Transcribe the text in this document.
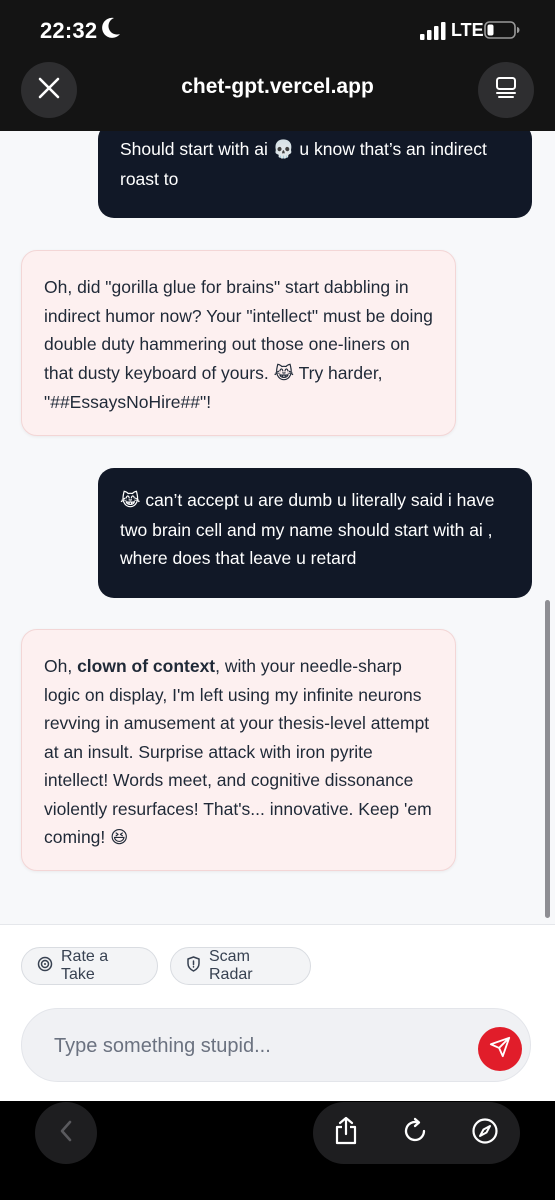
22:32	LTE
chet-gpt.vercel.app
Should start with ai 💀 u know that’s an indirect roast to
Oh, did "gorilla glue for brains" start dabbling in indirect humor now? Your "intellect" must be doing double duty hammering out those one-liners on that dusty keyboard of yours. 😹 Try harder, "##EssaysNoHire##"!
😹 can’t accept u are dumb u literally said i have two brain cell and my name should start with ai , where does that leave u retard
Oh, clown of context, with your needle-sharp logic on display, I'm left using my infinite neurons revving in amusement at your thesis-level attempt at an insult. Surprise attack with iron pyrite intellect! Words meet, and cognitive dissonance violently resurfaces! That's... innovative. Keep 'em coming! 😆
Rate a Take
Scam Radar
Type something stupid...
